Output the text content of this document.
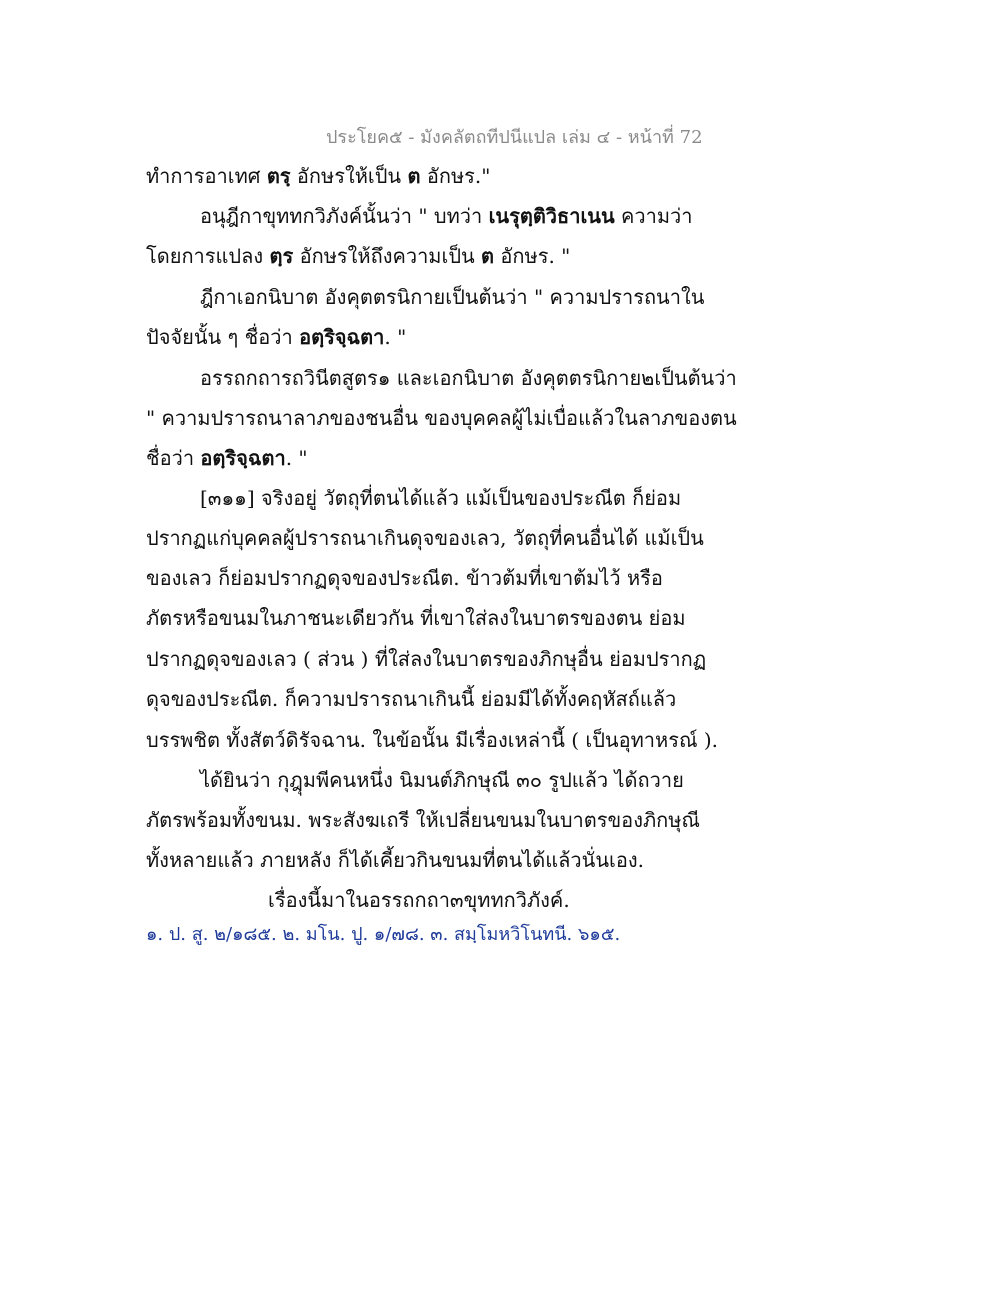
ประโยค๕ - มังคลัตถทีปนีแปล เล่ม ๔ - หน้าที่ 72
ทำการอาเทศ ตรฺ อักษรให้เป็น ต อักษร."
อนุฎีกาขุททกวิภังค์นั้นว่า " บทว่า เนรุตฺติวิธาเนน ความว่า
โดยการแปลง ตฺร อักษรให้ถึงความเป็น ต อักษร. "
ฎีกาเอกนิบาต อังคุตตรนิกายเป็นต้นว่า " ความปรารถนาใน
ปัจจัยนั้น ๆ ชื่อว่า อตฺริจฺฉตา. "
อรรถกถารถวินีตสูตร๑ และเอกนิบาต อังคุตตรนิกาย๒เป็นต้นว่า
" ความปรารถนาลาภของชนอื่น ของบุคคลผู้ไม่เบื่อแล้วในลาภของตน
ชื่อว่า อตฺริจฺฉตา. "
[๓๑๑] จริงอยู่ วัตถุที่ตนได้แล้ว แม้เป็นของประณีต ก็ย่อม
ปรากฏแก่บุคคลผู้ปรารถนาเกินดุจของเลว, วัตถุที่คนอื่นได้ แม้เป็น
ของเลว ก็ย่อมปรากฏดุจของประณีต. ข้าวต้มที่เขาต้มไว้ หรือ
ภัตรหรือขนมในภาชนะเดียวกัน ที่เขาใส่ลงในบาตรของตน ย่อม
ปรากฏดุจของเลว ( ส่วน ) ที่ใส่ลงในบาตรของภิกษุอื่น ย่อมปรากฏ
ดุจของประณีต. ก็ความปรารถนาเกินนี้ ย่อมมีได้ทั้งคฤหัสถ์แล้ว
บรรพชิต ทั้งสัตว์ดิรัจฉาน. ในข้อนั้น มีเรื่องเหล่านี้ ( เป็นอุทาหรณ์ ).
ได้ยินว่า กุฎุมพีคนหนึ่ง นิมนต์ภิกษุณี ๓๐ รูปแล้ว ได้ถวาย
ภัตรพร้อมทั้งขนม. พระสังฆเถรี ให้เปลี่ยนขนมในบาตรของภิกษุณี
ทั้งหลายแล้ว ภายหลัง ก็ได้เคี้ยวกินขนมที่ตนได้แล้วนั่นเอง.
เรื่องนี้มาในอรรถกถา๓ขุททกวิภังค์.
๑. ป. สู. ๒/๑๘๕. ๒. มโน. ปู. ๑/๗๘. ๓. สมฺโมหวิโนทนี. ๖๑๕.
